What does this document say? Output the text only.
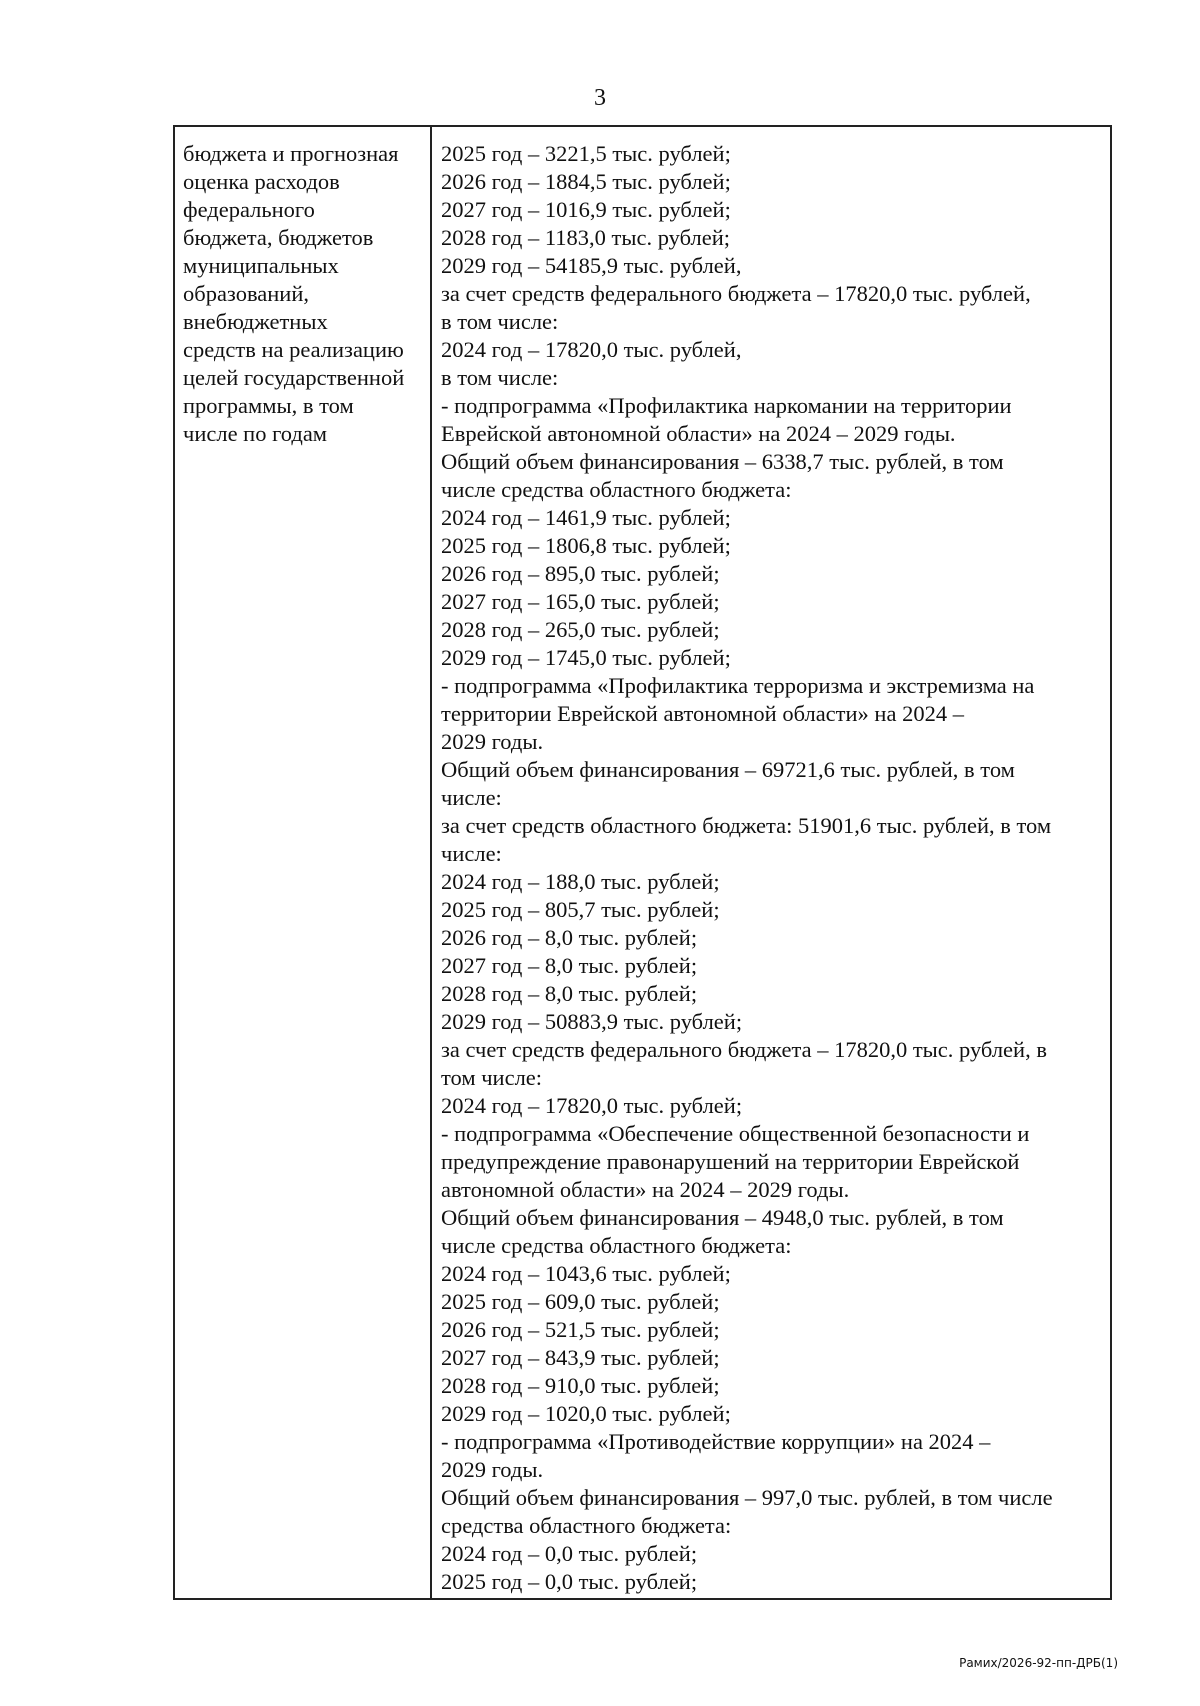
3
бюджета и прогнозная
оценка расходов
федерального
бюджета, бюджетов
муниципальных
образований,
внебюджетных
средств на реализацию
целей государственной
программы, в том
числе по годам
2025 год – 3221,5 тыс. рублей;
2026 год – 1884,5 тыс. рублей;
2027 год – 1016,9 тыс. рублей;
2028 год – 1183,0 тыс. рублей;
2029 год – 54185,9 тыс. рублей,
за счет средств федерального бюджета – 17820,0 тыс. рублей,
в том числе:
2024 год – 17820,0 тыс. рублей,
в том числе:
- подпрограмма «Профилактика наркомании на территории
Еврейской автономной области» на 2024 – 2029 годы.
Общий объем финансирования – 6338,7 тыс. рублей, в том
числе средства областного бюджета:
2024 год – 1461,9 тыс. рублей;
2025 год – 1806,8 тыс. рублей;
2026 год – 895,0 тыс. рублей;
2027 год – 165,0 тыс. рублей;
2028 год – 265,0 тыс. рублей;
2029 год – 1745,0 тыс. рублей;
- подпрограмма «Профилактика терроризма и экстремизма на
территории Еврейской автономной области» на 2024 –
2029 годы.
Общий объем финансирования – 69721,6 тыс. рублей, в том
числе:
за счет средств областного бюджета: 51901,6 тыс. рублей, в том
числе:
2024 год – 188,0 тыс. рублей;
2025 год – 805,7 тыс. рублей;
2026 год – 8,0 тыс. рублей;
2027 год – 8,0 тыс. рублей;
2028 год – 8,0 тыс. рублей;
2029 год – 50883,9 тыс. рублей;
за счет средств федерального бюджета – 17820,0 тыс. рублей, в
том числе:
2024 год – 17820,0 тыс. рублей;
- подпрограмма «Обеспечение общественной безопасности и
предупреждение правонарушений на территории Еврейской
автономной области» на 2024 – 2029 годы.
Общий объем финансирования – 4948,0 тыс. рублей, в том
числе средства областного бюджета:
2024 год – 1043,6 тыс. рублей;
2025 год – 609,0 тыс. рублей;
2026 год – 521,5 тыс. рублей;
2027 год – 843,9 тыс. рублей;
2028 год – 910,0 тыс. рублей;
2029 год – 1020,0 тыс. рублей;
- подпрограмма «Противодействие коррупции» на 2024 –
2029 годы.
Общий объем финансирования – 997,0 тыс. рублей, в том числе
средства областного бюджета:
2024 год – 0,0 тыс. рублей;
2025 год – 0,0 тыс. рублей;
Рамих/2026-92-пп-ДРБ(1)
